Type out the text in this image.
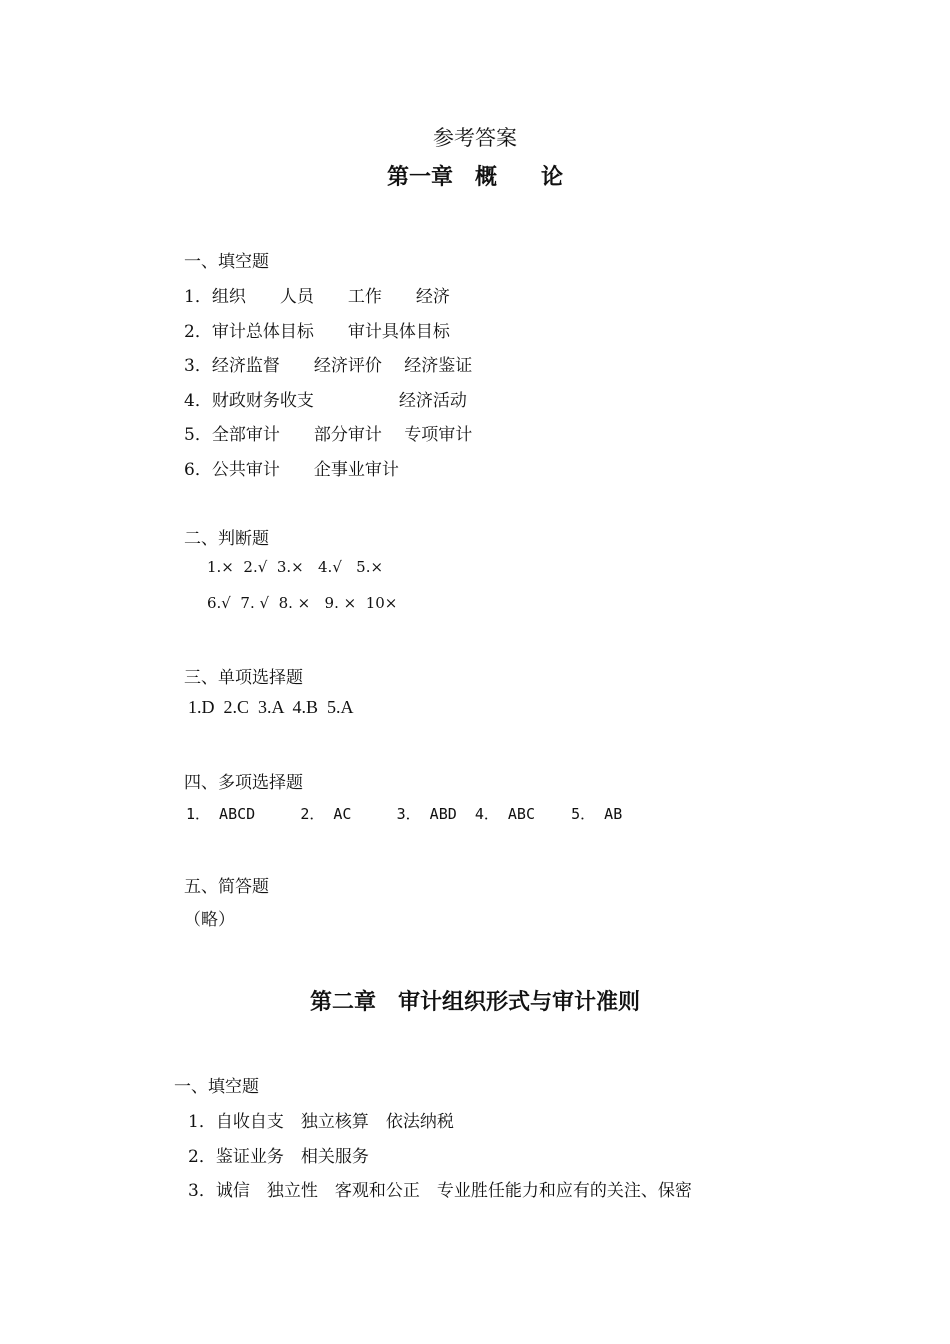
参考答案
第一章　概　　论
一、填空题
1．组织　　人员　　工作　　经济
2．审计总体目标　　审计具体目标
3．经济监督　　经济评价　 经济鉴证
4．财政财务收支　　　　　经济活动
5．全部审计　　部分审计　 专项审计
6．公共审计　　企事业审计
二、判断题
1.×  2.√  3.×   4.√   5.×
6.√  7. √  8. ×   9. ×  10×
三、单项选择题
1.D  2.C  3.A  4.B  5.A
四、多项选择题
1． ABCD     2． AC     3． ABD  4． ABC    5． AB
五、简答题
（略）
第二章　审计组织形式与审计准则
一、填空题
1．自收自支　独立核算　依法纳税
2．鉴证业务　相关服务
3．诚信　独立性　客观和公正　专业胜任能力和应有的关注、保密
